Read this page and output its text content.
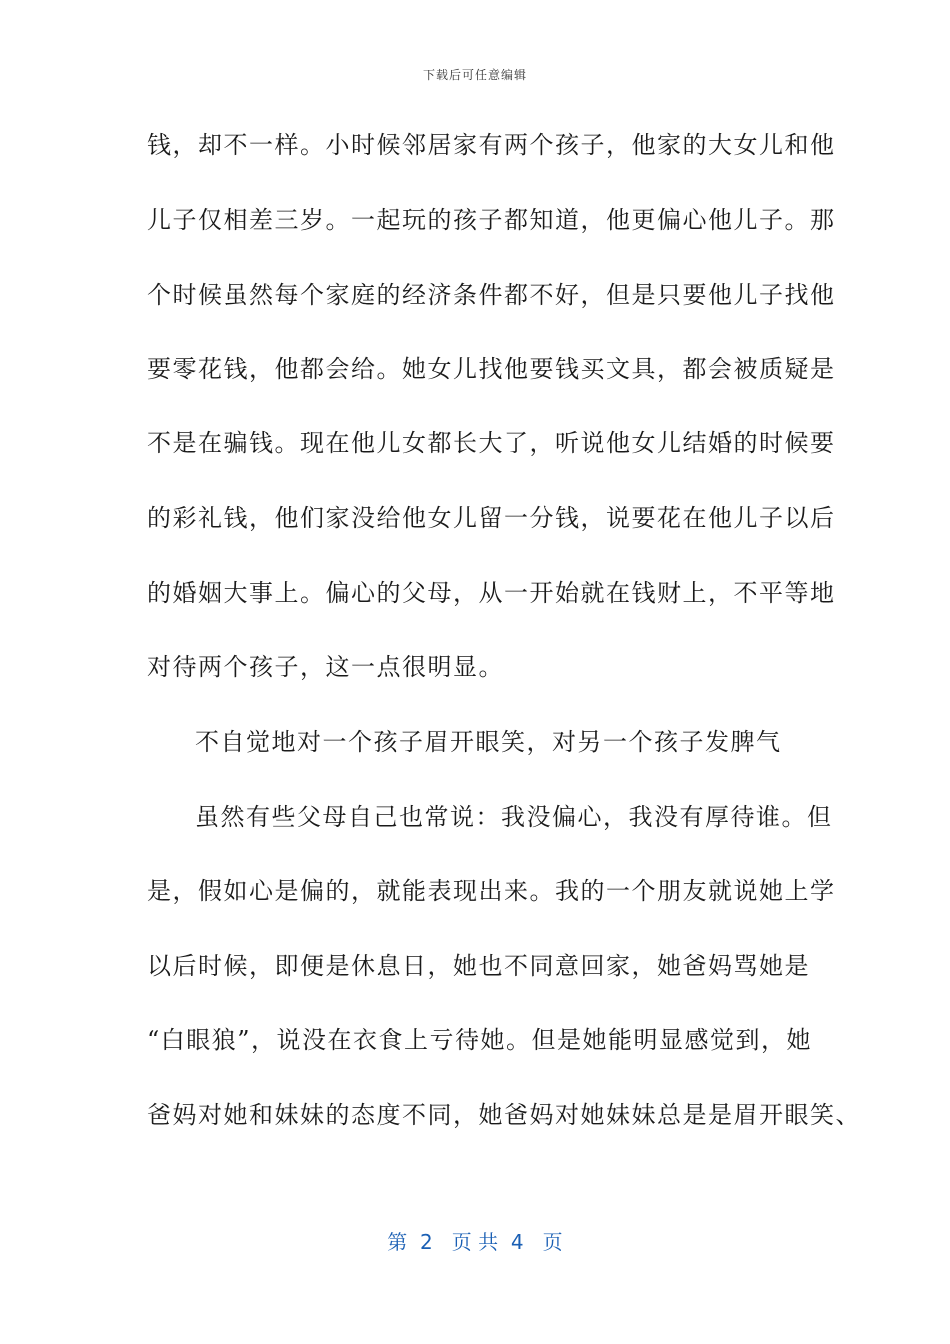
下载后可任意编辑
钱，却不一样。小时候邻居家有两个孩子，他家的大女儿和他
儿子仅相差三岁。一起玩的孩子都知道，他更偏心他儿子。那
个时候虽然每个家庭的经济条件都不好，但是只要他儿子找他
要零花钱，他都会给。她女儿找他要钱买文具，都会被质疑是
不是在骗钱。现在他儿女都长大了，听说他女儿结婚的时候要
的彩礼钱，他们家没给他女儿留一分钱，说要花在他儿子以后
的婚姻大事上。偏心的父母，从一开始就在钱财上，不平等地
对待两个孩子，这一点很明显。
不自觉地对一个孩子眉开眼笑，对另一个孩子发脾气
虽然有些父母自己也常说：我没偏心，我没有厚待谁。但
是，假如心是偏的，就能表现出来。我的一个朋友就说她上学
以后时候，即便是休息日，她也不同意回家，她爸妈骂她是
“白眼狼”，说没在衣食上亏待她。但是她能明显感觉到，她
爸妈对她和妹妹的态度不同，她爸妈对她妹妹总是是眉开眼笑、
第  2   页 共  4   页
